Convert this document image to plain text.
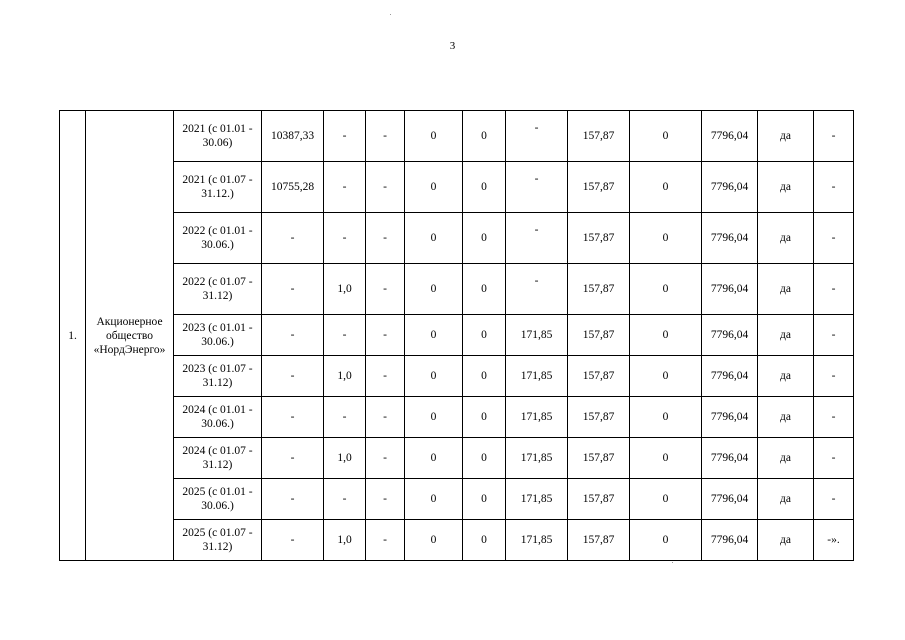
3
1.	Акционерное общество «НордЭнерго»	2021 (с 01.01 - 30.06)	10387,33	-	-	0	0	-	157,87	0	7796,04	да	-
		2021 (с 01.07 - 31.12.)	10755,28	-	-	0	0	-	157,87	0	7796,04	да	-
		2022 (с 01.01 - 30.06.)	-	-	-	0	0	-	157,87	0	7796,04	да	-
		2022 (с 01.07 - 31.12)	-	1,0	-	0	0	-	157,87	0	7796,04	да	-
		2023 (с 01.01 - 30.06.)	-	-	-	0	0	171,85	157,87	0	7796,04	да	-
		2023 (с 01.07 - 31.12)	-	1,0	-	0	0	171,85	157,87	0	7796,04	да	-
		2024 (с 01.01 - 30.06.)	-	-	-	0	0	171,85	157,87	0	7796,04	да	-
		2024 (с 01.07 - 31.12)	-	1,0	-	0	0	171,85	157,87	0	7796,04	да	-
		2025 (с 01.01 - 30.06.)	-	-	-	0	0	171,85	157,87	0	7796,04	да	-
		2025 (с 01.07 - 31.12)	-	1,0	-	0	0	171,85	157,87	0	7796,04	да	-».
